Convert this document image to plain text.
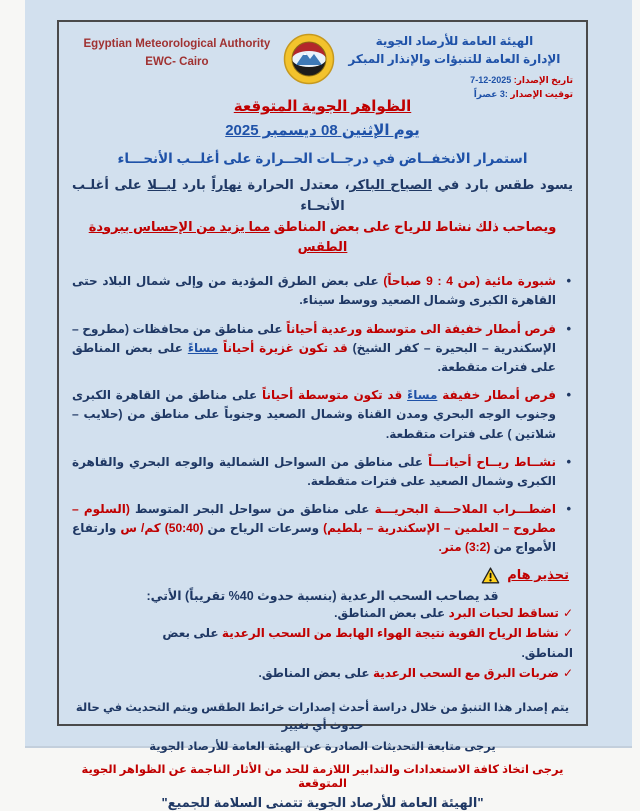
Egyptian Meteorological Authority
EWC- Cairo
الهيئة العامة للأرصاد الجوية
الإدارة العامة للتنبؤات والإنذار المبكر
تاريخ الإصدار: 2025-12-7
توقيت الإصدار :3 عصراً
الظواهر الجوية المتوقعة
يوم الإثنين 08 ديسمبر 2025
استمرار الانخفــاض في درجــات الحــرارة على أغلــب الأنحـــاء
يسود طقس بارد في الصباح الباكر، معتدل الحرارة نهاراً بارد ليــلا على أغلـب الأنحـاء
ويصاحب ذلك نشاط للرياح على بعض المناطق مما يزيد من الإحساس ببرودة الطقس
•
شبورة مائية (من 4 : 9 صباحاً) على بعض الطرق المؤدية من وإلى شمال البلاد حتى القاهرة الكبرى وشمال الصعيد ووسط سيناء.
•
فرص أمطار خفيفة الى متوسطة ورعدية أحياناً على مناطق من محافظات (مطروح – الإسكندرية – البحيرة – كفر الشيخ) قد تكون غزيرة أحياناً مساءً على بعض المناطق على فترات متقطعة.
•
فرص أمطار خفيفة مساءً قد تكون متوسطة أحياناً على مناطق من القاهرة الكبرى وجنوب الوجه البحري ومدن القناة وشمال الصعيد وجنوباً على مناطق من (حلايب – شلاتين ) على فترات متقطعة.
•
نشــاط ريــاح أحيانـــاً على مناطق من السواحل الشمالية والوجه البحري والقاهرة الكبرى وشمال الصعيد على فترات متقطعة.
•
اضطـــراب الملاحـــة البحريـــة على مناطق من سواحل البحر المتوسط (السلوم – مطروح – العلمين – الإسكندرية – بلطيم) وسرعات الرياح من (50:40) كم/ س وارتفاع الأمواج من (3:2) متر.
تحذير هام
قد يصاحب السحب الرعدية (بنسبة حدوث 40% تقريباً) الأتي:
✓تساقط لحبات البرد على بعض المناطق.
✓نشاط الرياح القوية نتيجة الهواء الهابط من السحب الرعدية على بعض المناطق.
✓ضربات البرق مع السحب الرعدية على بعض المناطق.
يتم إصدار هذا التنبؤ من خلال دراسة أحدث إصدارات خرائط الطقس ويتم التحديث في حالة حدوث أي تغيير
يرجى متابعة التحديثات الصادرة عن الهيئة العامة للأرصاد الجوية
يرجى اتخاذ كافة الاستعدادات والتدابير اللازمة للحد من الأثار الناجمة عن الظواهر الجوية المتوقعة
"الهيئة العامة للأرصاد الجوية تتمنى السلامة للجميع"
